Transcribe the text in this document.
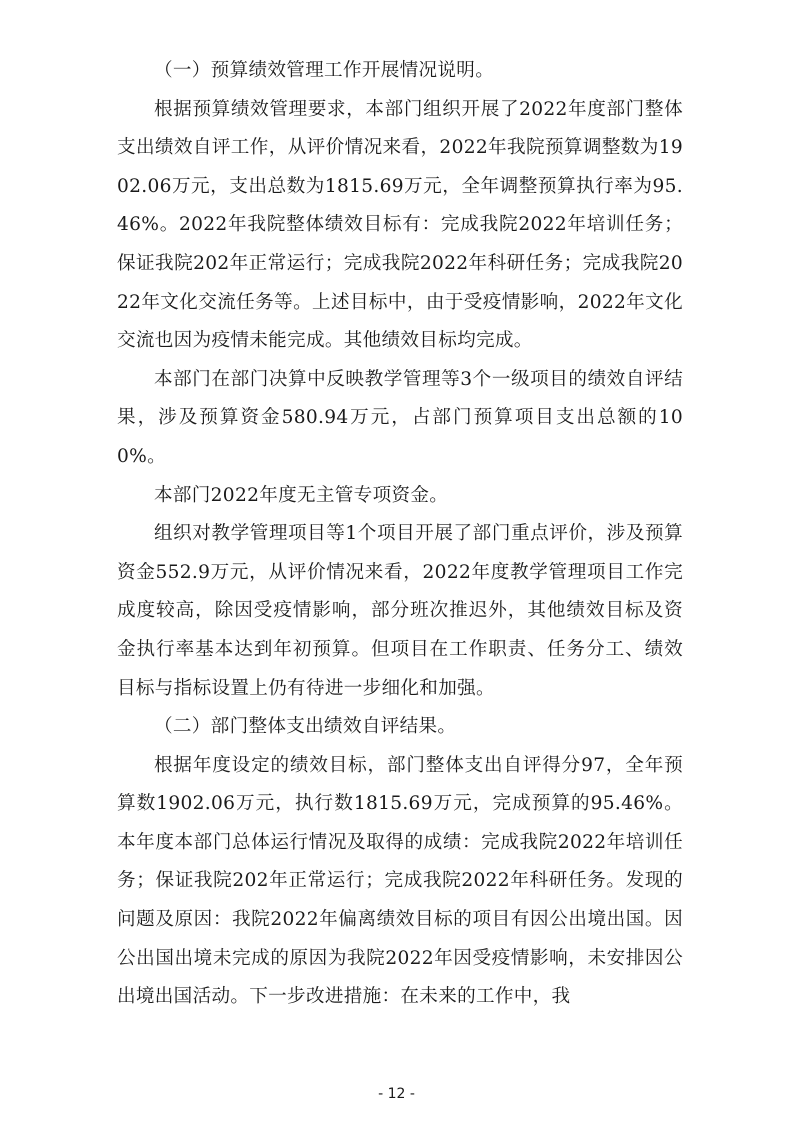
（一）预算绩效管理工作开展情况说明。

根据预算绩效管理要求，本部门组织开展了2022年度部门整体支出绩效自评工作，从评价情况来看，2022年我院预算调整数为1902.06万元，支出总数为1815.69万元，全年调整预算执行率为95.46%。2022年我院整体绩效目标有：完成我院2022年培训任务；保证我院202年正常运行；完成我院2022年科研任务；完成我院2022年文化交流任务等。上述目标中，由于受疫情影响，2022年文化交流也因为疫情未能完成。其他绩效目标均完成。

本部门在部门决算中反映教学管理等3个一级项目的绩效自评结果，涉及预算资金580.94万元，占部门预算项目支出总额的100%。

本部门2022年度无主管专项资金。

组织对教学管理项目等1个项目开展了部门重点评价，涉及预算资金552.9万元，从评价情况来看，2022年度教学管理项目工作完成度较高，除因受疫情影响，部分班次推迟外，其他绩效目标及资金执行率基本达到年初预算。但项目在工作职责、任务分工、绩效目标与指标设置上仍有待进一步细化和加强。

（二）部门整体支出绩效自评结果。

根据年度设定的绩效目标，部门整体支出自评得分97，全年预算数1902.06万元，执行数1815.69万元，完成预算的95.46%。本年度本部门总体运行情况及取得的成绩：完成我院2022年培训任务；保证我院202年正常运行；完成我院2022年科研任务。发现的问题及原因：我院2022年偏离绩效目标的项目有因公出境出国。因公出国出境未完成的原因为我院2022年因受疫情影响，未安排因公出境出国活动。下一步改进措施：在未来的工作中，我

- 12 -
